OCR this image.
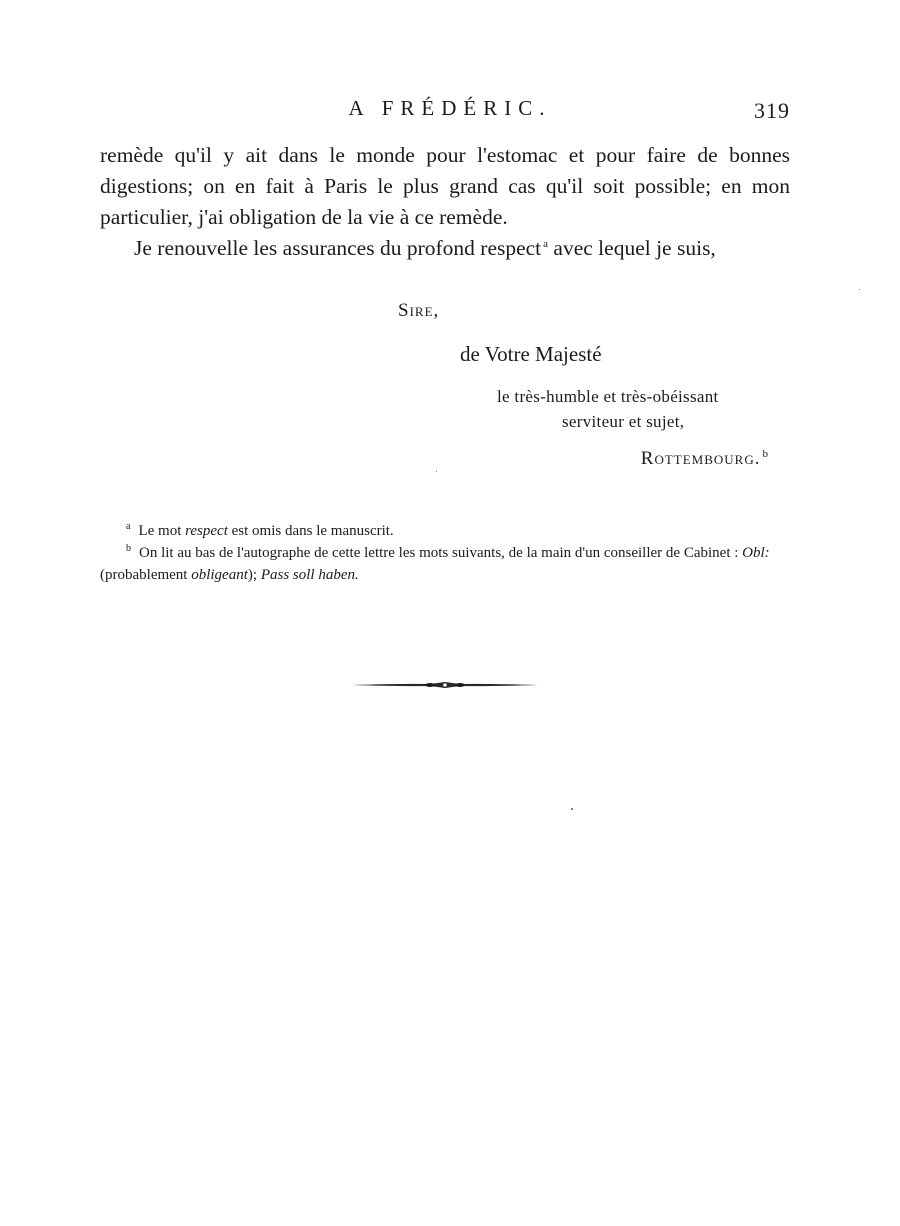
A FRÉDÉRIC.	319

remède qu'il y ait dans le monde pour l'estomac et pour faire de bonnes digestions; on en fait à Paris le plus grand cas qu'il soit possible; en mon particulier, j'ai obligation de la vie à ce remède.

Je renouvelle les assurances du profond respect $^a$ avec lequel je suis,

Sire,
de Votre Majesté
le très-humble et très-obéissant
serviteur et sujet,
Rottembourg. $^b$

$^a$ Le mot respect est omis dans le manuscrit.

$^b$ On lit au bas de l'autographe de cette lettre les mots suivants, de la main d'un conseiller de Cabinet : Obl: (probablement obligeant); Pass soll haben.
